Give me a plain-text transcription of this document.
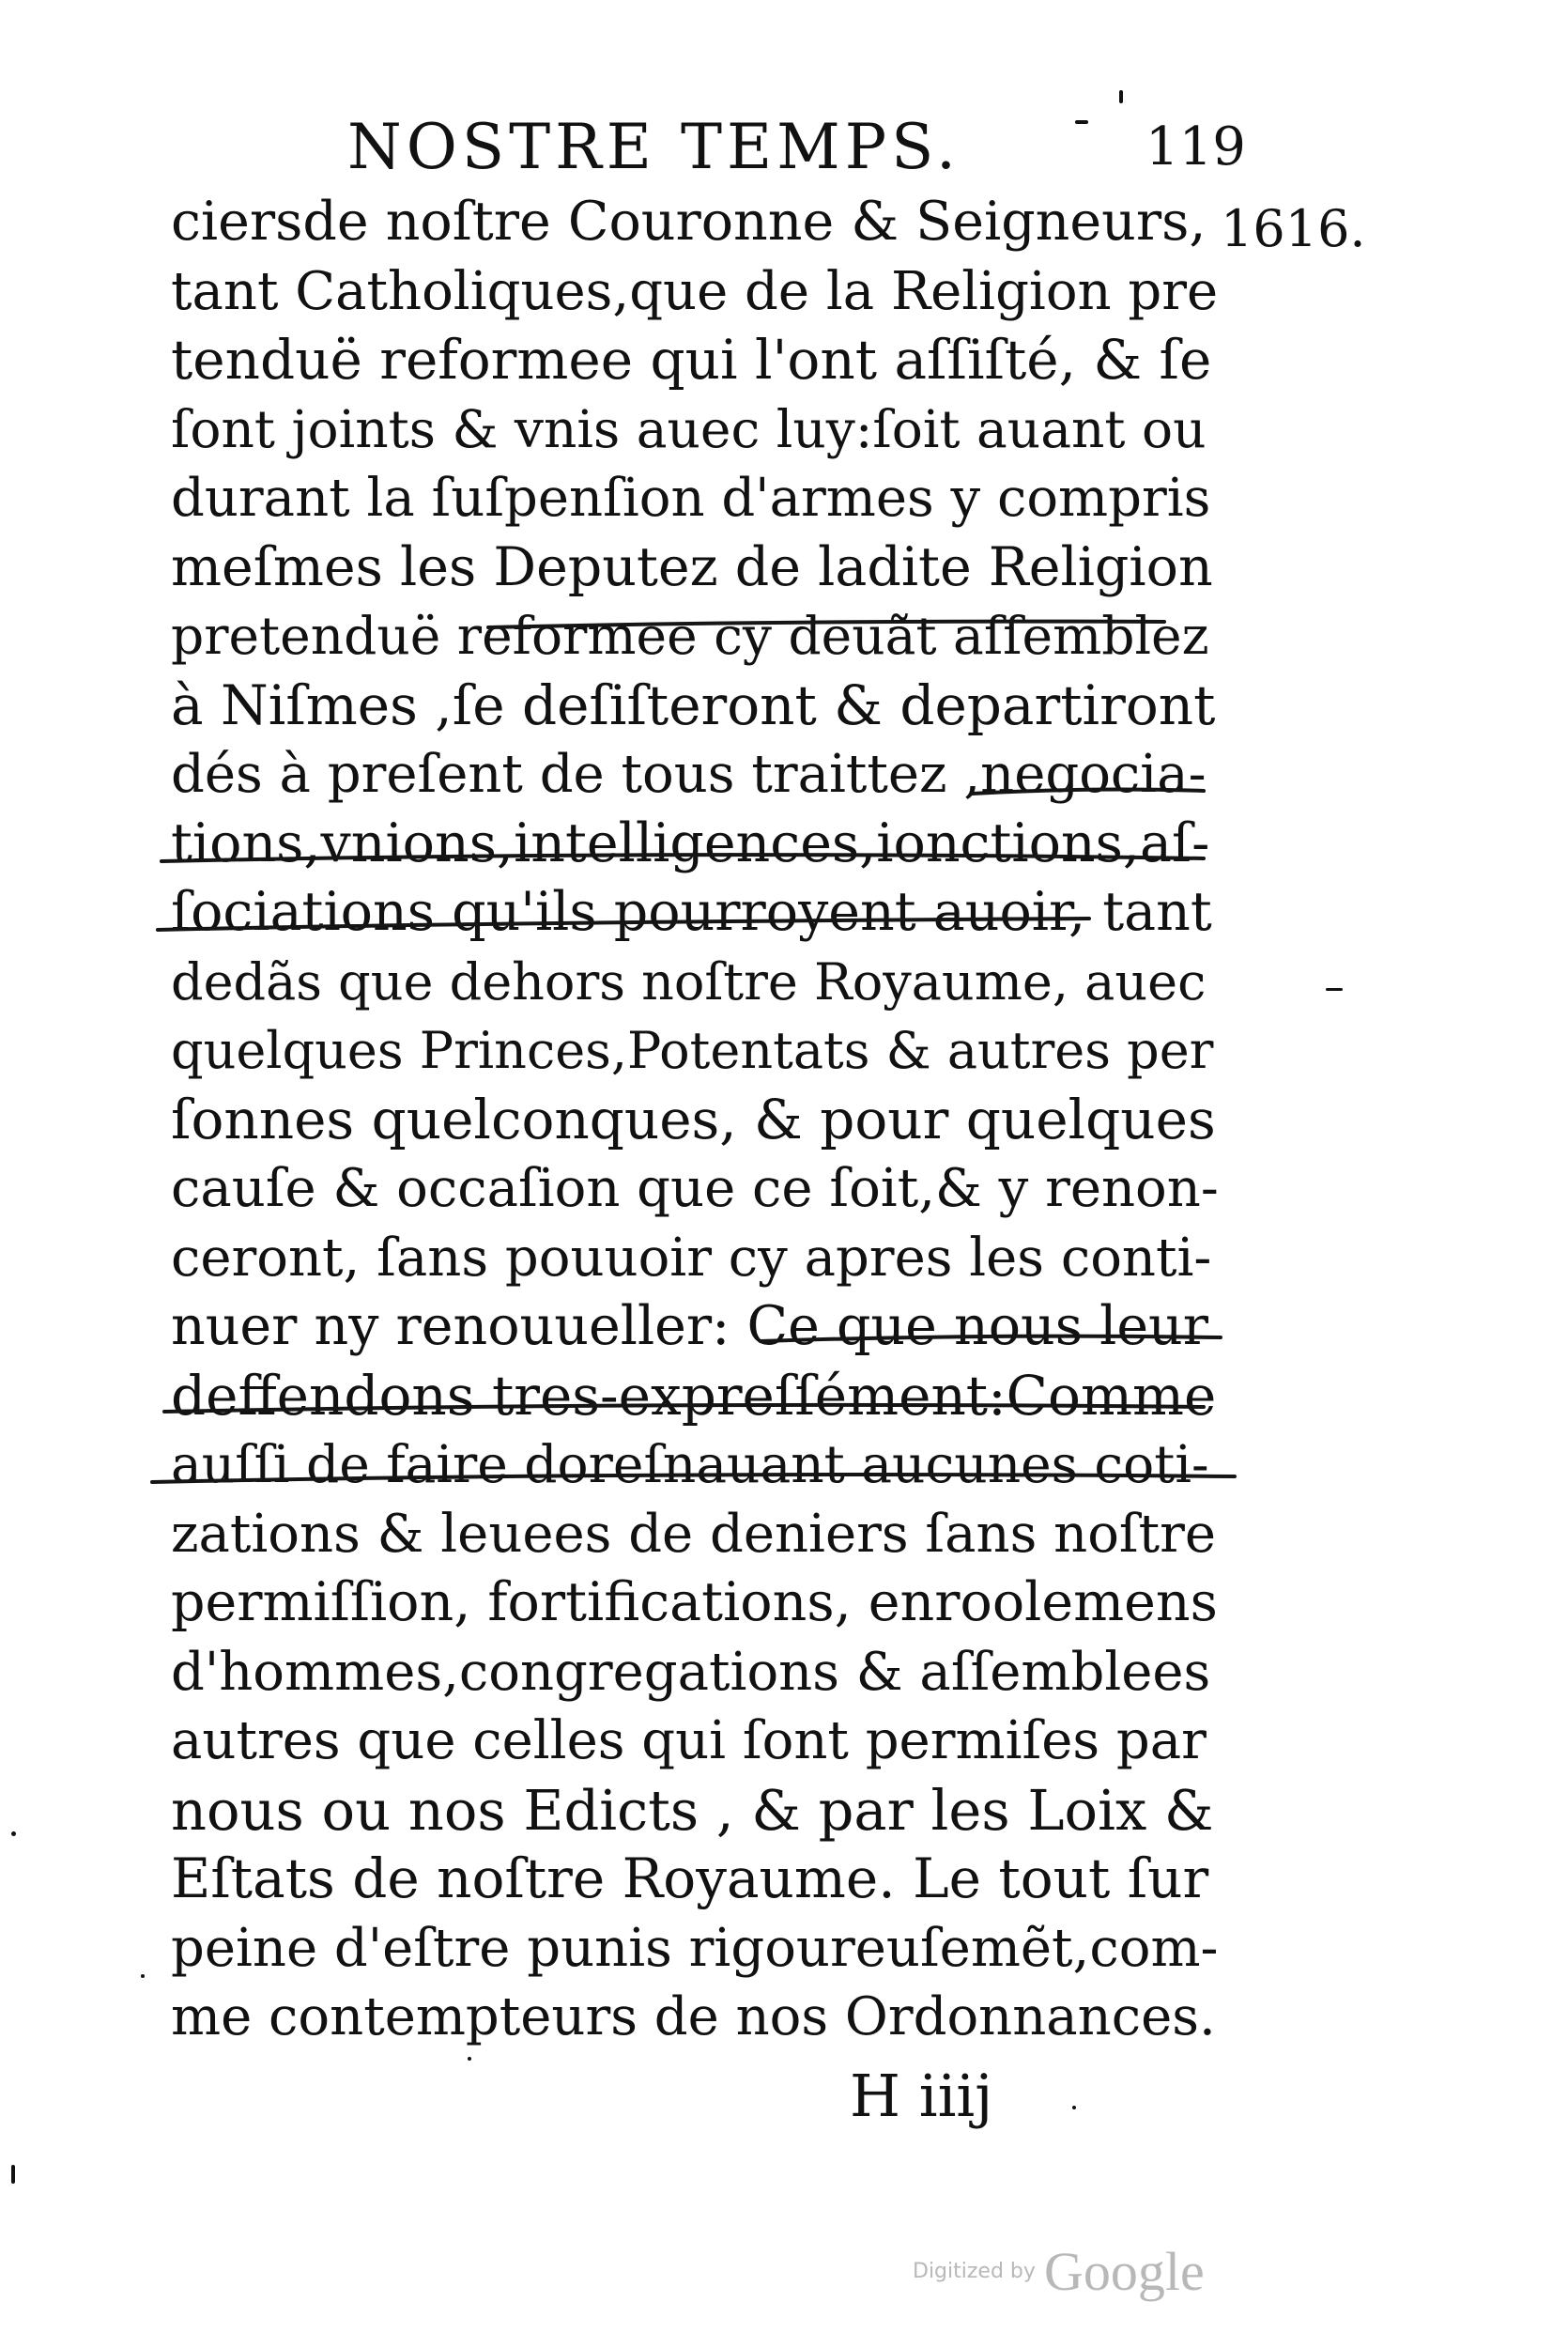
NOSTRE TEMPS.	119
1616.
ciersde noſtre Couronne & Seigneurs,
tant Catholiques,que de la Religion pre
tenduë reformee qui l'ont aſſiſté, & ſe
ſont joints & vnis auec luy:ſoit auant ou
durant la ſuſpenſion d'armes y compris
meſmes les Deputez de ladite Religion
pretenduë reformee cy deuãt aſſemblez
à Niſmes ,ſe deſiſteront & departiront
dés à preſent de tous traittez ,negocia-
tions,vnions,intelligences,ionctions,aſ-
ſociations qu'ils pourroyent auoir, tant
dedãs que dehors noſtre Royaume, auec
quelques Princes,Potentats & autres per
ſonnes quelconques, & pour quelques
cauſe & occaſion que ce ſoit,& y renon-
ceront, ſans pouuoir cy apres les conti-
nuer ny renouueller: Ce que nous leur
deffendons tres-expreſſément:Comme
auſſi de faire doreſnauant aucunes coti-
zations & leuees de deniers ſans noſtre
permiſſion, fortifications, enroolemens
d'hommes,congregations & aſſemblees
autres que celles qui ſont permiſes par
nous ou nos Edicts , & par les Loix &
Eſtats de noſtre Royaume. Le tout ſur
peine d'eſtre punis rigoureuſemẽt,com-
me contempteurs de nos Ordonnances.
H iiij
Digitized by Google
